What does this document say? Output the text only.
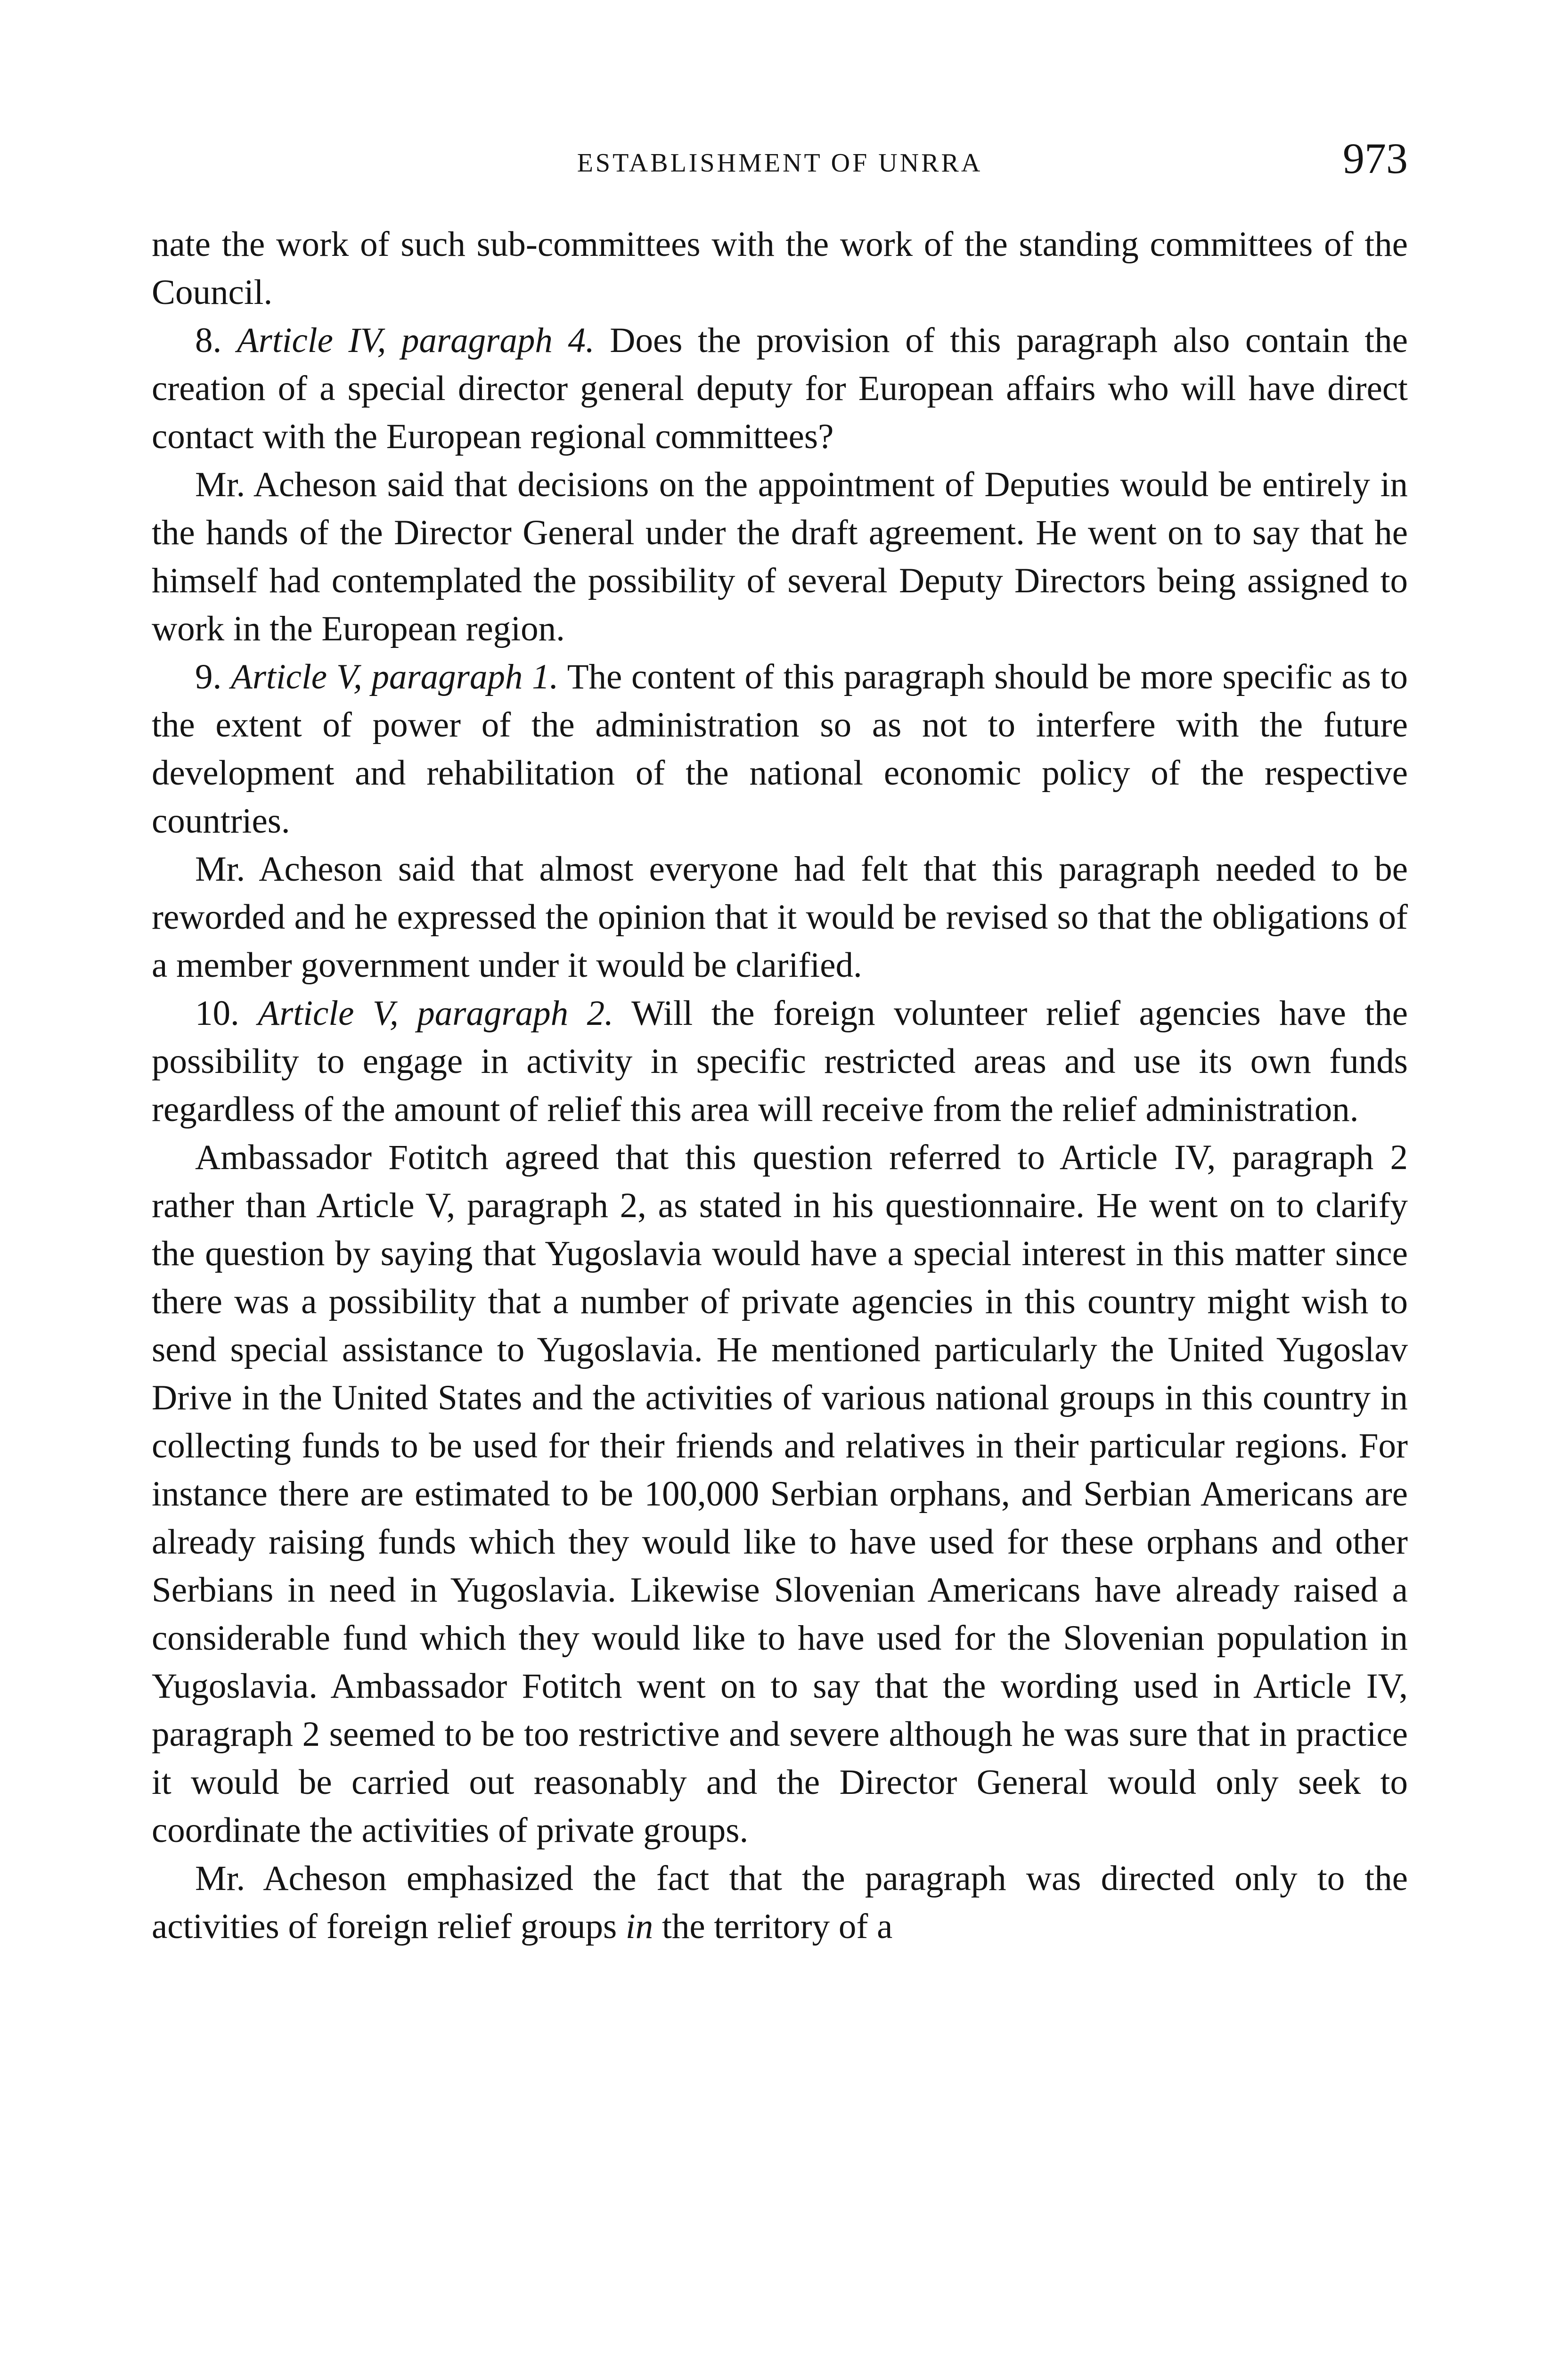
ESTABLISHMENT OF UNRRA	973

nate the work of such sub-committees with the work of the standing committees of the Council.

8. Article IV, paragraph 4. Does the provision of this paragraph also contain the creation of a special director general deputy for European affairs who will have direct contact with the European regional committees?

Mr. Acheson said that decisions on the appointment of Deputies would be entirely in the hands of the Director General under the draft agreement. He went on to say that he himself had contemplated the possibility of several Deputy Directors being assigned to work in the European region.

9. Article V, paragraph 1. The content of this paragraph should be more specific as to the extent of power of the administration so as not to interfere with the future development and rehabilitation of the national economic policy of the respective countries.

Mr. Acheson said that almost everyone had felt that this paragraph needed to be reworded and he expressed the opinion that it would be revised so that the obligations of a member government under it would be clarified.

10. Article V, paragraph 2. Will the foreign volunteer relief agencies have the possibility to engage in activity in specific restricted areas and use its own funds regardless of the amount of relief this area will receive from the relief administration.

Ambassador Fotitch agreed that this question referred to Article IV, paragraph 2 rather than Article V, paragraph 2, as stated in his questionnaire. He went on to clarify the question by saying that Yugoslavia would have a special interest in this matter since there was a possibility that a number of private agencies in this country might wish to send special assistance to Yugoslavia. He mentioned particularly the United Yugoslav Drive in the United States and the activities of various national groups in this country in collecting funds to be used for their friends and relatives in their particular regions. For instance there are estimated to be 100,000 Serbian orphans, and Serbian Americans are already raising funds which they would like to have used for these orphans and other Serbians in need in Yugoslavia. Likewise Slovenian Americans have already raised a considerable fund which they would like to have used for the Slovenian population in Yugoslavia. Ambassador Fotitch went on to say that the wording used in Article IV, paragraph 2 seemed to be too restrictive and severe although he was sure that in practice it would be carried out reasonably and the Director General would only seek to coordinate the activities of private groups.

Mr. Acheson emphasized the fact that the paragraph was directed only to the activities of foreign relief groups in the territory of a
